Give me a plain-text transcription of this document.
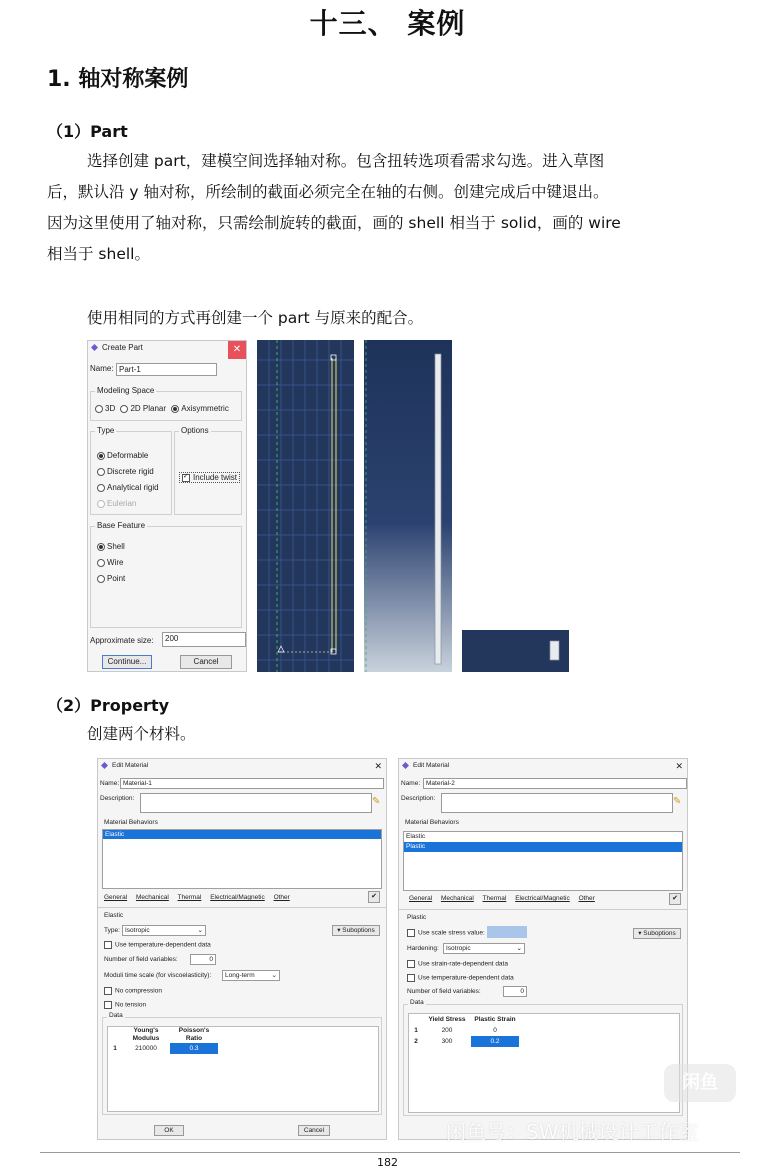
十三、 案例
1. 轴对称案例
（1）Part

选择创建 part，建模空间选择轴对称。包含扭转选项看需求勾选。进入草图

后，默认沿 y 轴对称，所绘制的截面必须完全在轴的右侧。创建完成后中键退出。

因为这里使用了轴对称，只需绘制旋转的截面，画的 shell 相当于 solid，画的 wire

相当于 shell。

使用相同的方式再创建一个 part 与原来的配合。

Create Part	✕
Name: Part-1
Modeling Space
3D 2D Planar Axisymmetric
Type
Deformable
Discrete rigid
Analytical rigid
Eulerian
Options
✓Include twist
Base Feature
Shell
Wire
Point
Approximate size:	200
Continue...	Cancel
（2）Property

创建两个材料。

Edit Material	✕
Name: Material-1
Description:	✎
Material Behaviors
Elastic
General Mechanical Thermal Electrical/Magnetic Other	✔
Elastic
Type: Isotropic	⌄	▾ Suboptions
Use temperature-dependent data
Number of field variables:	0
Moduli time scale (for viscoelasticity):	Long-term	⌄
No compression
No tension
Data
	Young's Modulus	Poisson's Ratio
1	210000	0.3
OK	Cancel
Edit Material	✕
Name: Material-2
Description:	✎
Material Behaviors
Elastic
Plastic
General Mechanical Thermal Electrical/Magnetic Other	✔
Plastic
Use scale stress value:	▾ Suboptions
Hardening:	Isotropic	⌄
Use strain-rate-dependent data
Use temperature-dependent data
Number of field variables:	0
Data
	Yield Stress	Plastic Strain
1	200	0
2	300	0.2
闲鱼
闲鱼号：SW机械设计工作室
182
